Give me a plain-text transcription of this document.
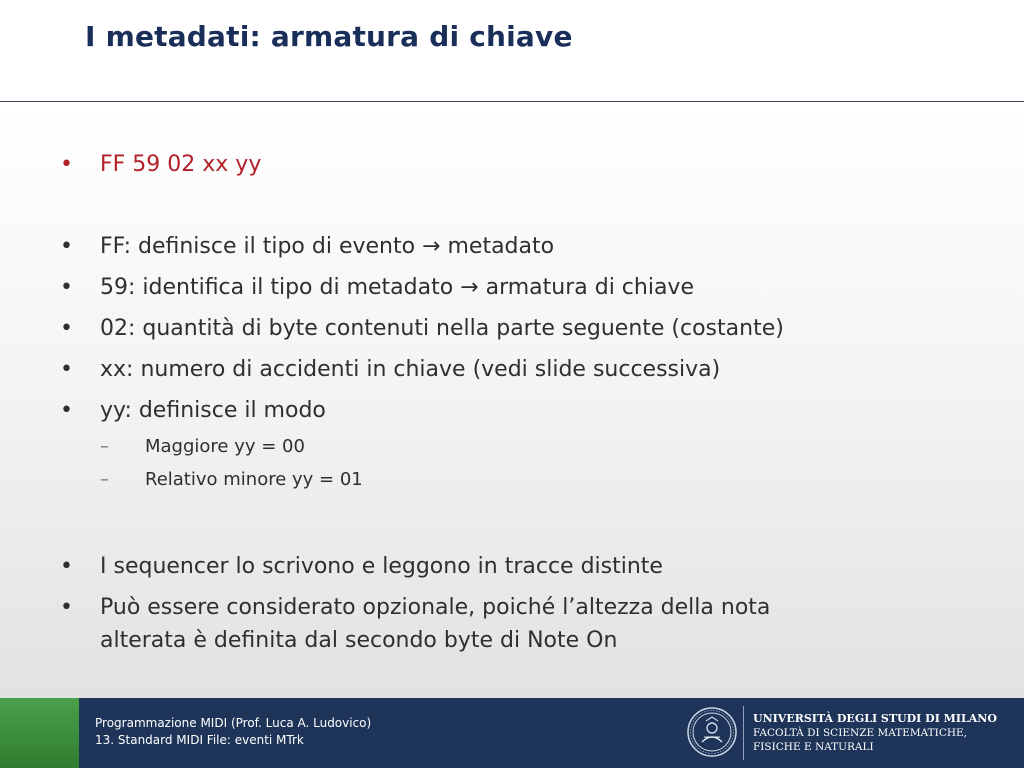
I metadati: armatura di chiave
•	FF 59 02 xx yy
•	FF: definisce il tipo di evento → metadato
•	59: identifica il tipo di metadato → armatura di chiave
•	02: quantità di byte contenuti nella parte seguente (costante)
•	xx: numero di accidenti in chiave (vedi slide successiva)
•	yy: definisce il modo
– Maggiore yy = 00
– Relativo minore yy = 01
•	I sequencer lo scrivono e leggono in tracce distinte
•	Può essere considerato opzionale, poiché l’altezza della nota
alterata è definita dal secondo byte di Note On
Programmazione MIDI (Prof. Luca A. Ludovico)
13. Standard MIDI File: eventi MTrk
UNIVERSITÀ DEGLI STUDI DI MILANO
FACOLTÀ DI SCIENZE MATEMATICHE,
FISICHE E NATURALI
